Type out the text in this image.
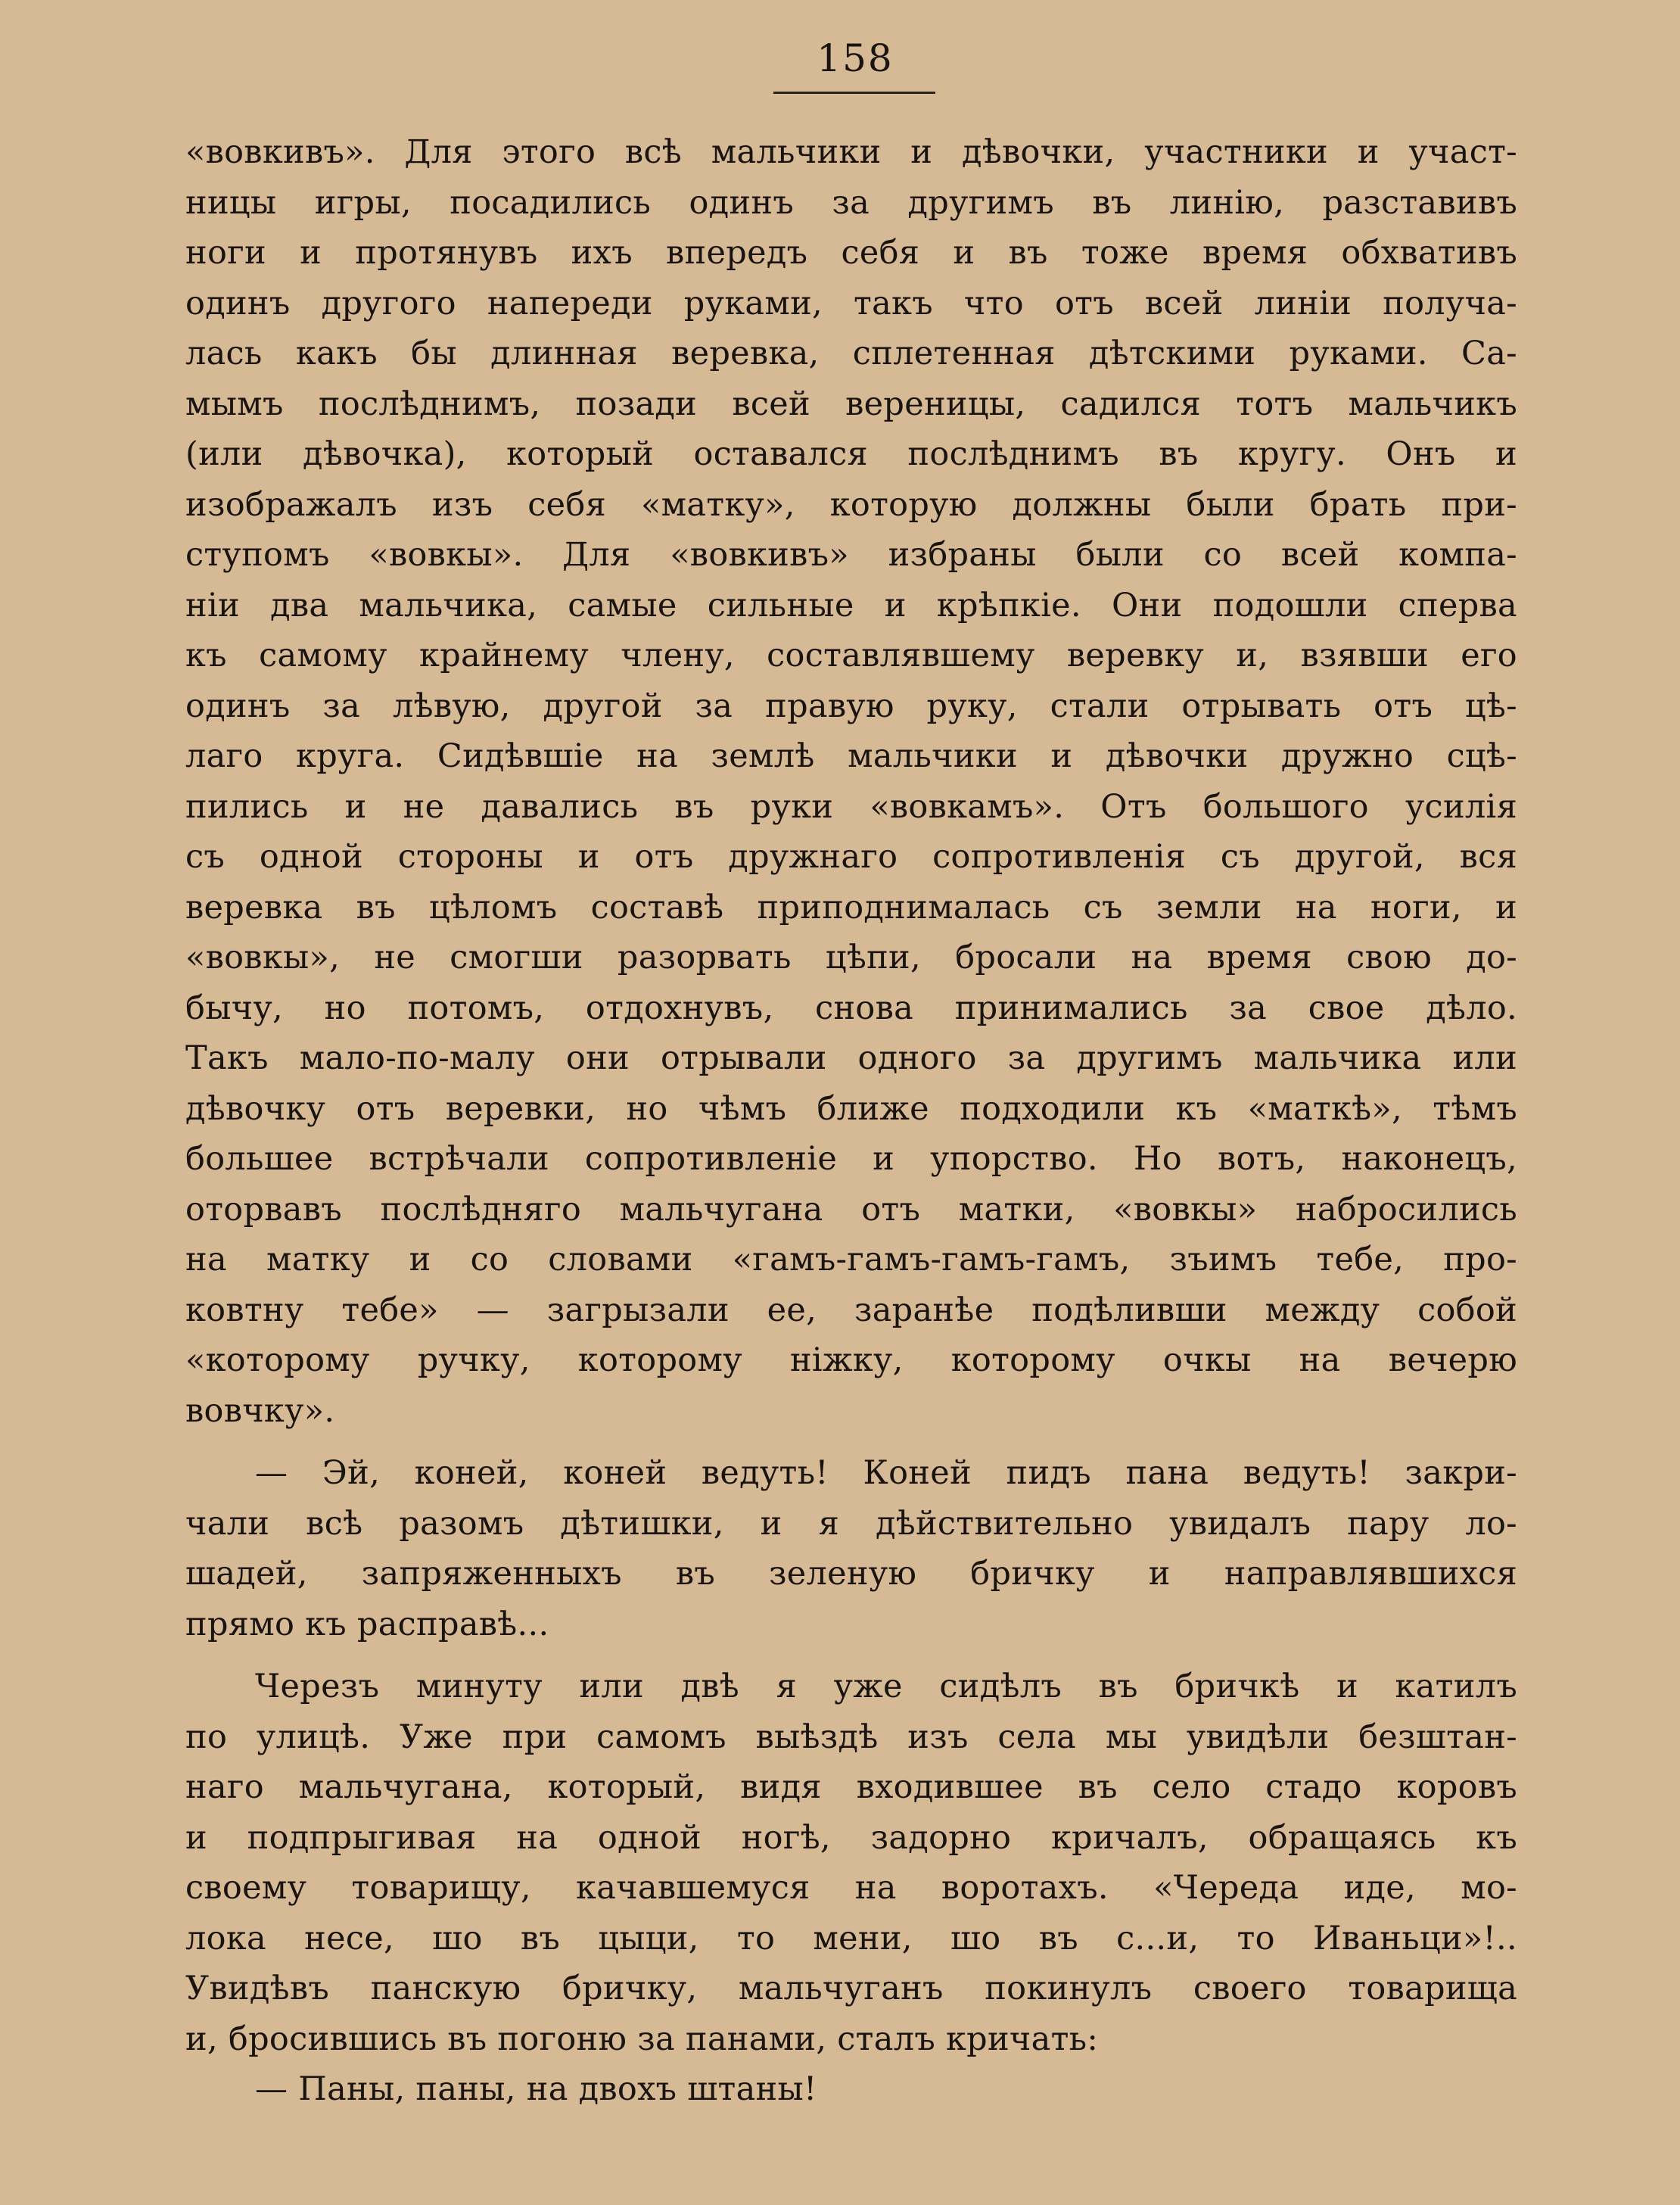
158
«вовкивъ». Для этого всѣ мальчики и дѣвочки, участники и участ-
ницы игры, посадились одинъ за другимъ въ линію, разставивъ
ноги и протянувъ ихъ впередъ себя и въ тоже время обхвативъ
одинъ другого напереди руками, такъ что отъ всей линіи получа-
лась какъ бы длинная веревка, сплетенная дѣтскими руками. Са-
мымъ послѣднимъ, позади всей вереницы, садился тотъ мальчикъ
(или дѣвочка), который оставался послѣднимъ въ кругу. Онъ и
изображалъ изъ себя «матку», которую должны были брать при-
ступомъ «вовкы». Для «вовкивъ» избраны были со всей компа-
ніи два мальчика, самые сильные и крѣпкіе. Они подошли сперва
къ самому крайнему члену, составлявшему веревку и, взявши его
одинъ за лѣвую, другой за правую руку, стали отрывать отъ цѣ-
лаго круга. Сидѣвшіе на землѣ мальчики и дѣвочки дружно сцѣ-
пились и не давались въ руки «вовкамъ». Отъ большого усилія
съ одной стороны и отъ дружнаго сопротивленія съ другой, вся
веревка въ цѣломъ составѣ приподнималась съ земли на ноги, и
«вовкы», не смогши разорвать цѣпи, бросали на время свою до-
бычу, но потомъ, отдохнувъ, снова принимались за свое дѣло.
Такъ мало-по-малу они отрывали одного за другимъ мальчика или
дѣвочку отъ веревки, но чѣмъ ближе подходили къ «маткѣ», тѣмъ
большее встрѣчали сопротивленіе и упорство. Но вотъ, наконецъ,
оторвавъ послѣдняго мальчугана отъ матки, «вовкы» набросились
на матку и со словами «гамъ-гамъ-гамъ-гамъ, зъимъ тебе, про-
ковтну тебе» — загрызали ее, заранѣе подѣливши между собой
«которому ручку, которому ніжку, которому очкы на вечерю
вовчку».
— Эй, коней, коней ведуть! Коней пидъ пана ведуть! закри-
чали всѣ разомъ дѣтишки, и я дѣйствительно увидалъ пару ло-
шадей, запряженныхъ въ зеленую бричку и направлявшихся
прямо къ расправѣ...
Черезъ минуту или двѣ я уже сидѣлъ въ бричкѣ и катилъ
по улицѣ. Уже при самомъ выѣздѣ изъ села мы увидѣли безштан-
наго мальчугана, который, видя входившее въ село стадо коровъ
и подпрыгивая на одной ногѣ, задорно кричалъ, обращаясь къ
своему товарищу, качавшемуся на воротахъ. «Череда иде, мо-
лока несе, шо въ цыци, то мени, шо въ с...и, то Иваньци»!..
Увидѣвъ панскую бричку, мальчуганъ покинулъ своего товарища
и, бросившись въ погоню за панами, сталъ кричать:
— Паны, паны, на двохъ штаны!
